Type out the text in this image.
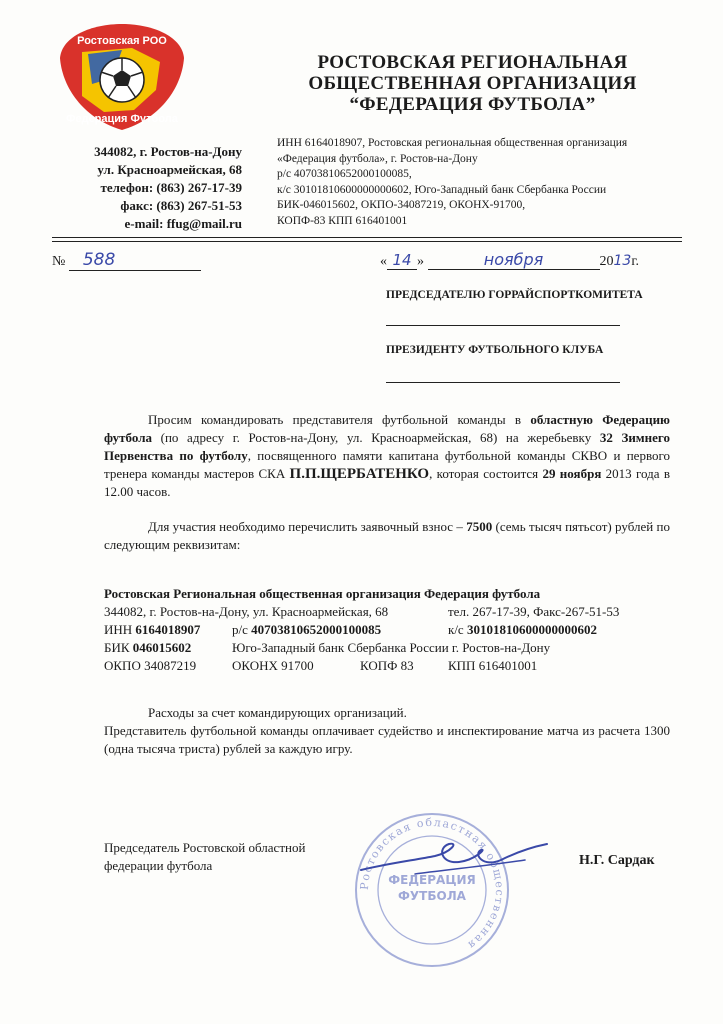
Ростовская РОО
Федерация Футбола
РОСТОВСКАЯ РЕГИОНАЛЬНАЯ
ОБЩЕСТВЕННАЯ ОРГАНИЗАЦИЯ
“ФЕДЕРАЦИЯ ФУТБОЛА”
344082, г. Ростов-на-Дону
ул. Красноармейская, 68
телефон: (863) 267-17-39
факс: (863) 267-51-53
e-mail: ffug@mail.ru
ИНН 6164018907, Ростовская региональная общественная организация
«Федерация футбола», г. Ростов-на-Дону
р/с 40703810652000100085,
к/с 30101810600000000602, Юго-Западный банк Сбербанка России
БИК-046015602, ОКПО-34087219, ОКОНХ-91700,
КОПФ-83 КПП 616401001
№ 588	« 14 »	ноября	2013г.
ПРЕДСЕДАТЕЛЮ ГОРРАЙСПОРТКОМИТЕТА
ПРЕЗИДЕНТУ ФУТБОЛЬНОГО КЛУБА

Просим командировать представителя футбольной команды в областную Федерацию футбола (по адресу г. Ростов-на-Дону, ул. Красноармейская, 68) на жеребьевку 32 Зимнего Первенства по футболу, посвященного памяти капитана футбольной команды СКВО и первого тренера команды мастеров СКА П.П.ЩЕРБАТЕНКО, которая состоится 29 ноября 2013 года в 12.00 часов.

Для участия необходимо перечислить заявочный взнос – 7500 (семь тысяч пятьсот) рублей по следующим реквизитам:

Ростовская Региональная общественная организация Федерация футбола
344082, г. Ростов-на-Дону, ул. Красноармейская, 68	тел. 267-17-39, Факс-267-51-53
ИНН 6164018907 р/с 40703810652000100085	к/с 30101810600000000602
БИК 046015602	Юго-Западный банк Сбербанка России г. Ростов-на-Дону
ОКПО 34087219	ОКОНХ 91700	КОПФ 83	КПП 616401001
Расходы за счет командирующих организаций.

Представитель футбольной команды оплачивает судейство и инспектирование матча из расчета 1300 (одна тысяча триста) рублей за каждую игру.

Председатель Ростовской областной
федерации футбола	Н.Г. Сардак
Ростовская областная общественная
ФЕДЕРАЦИЯ
ФУТБОЛА
